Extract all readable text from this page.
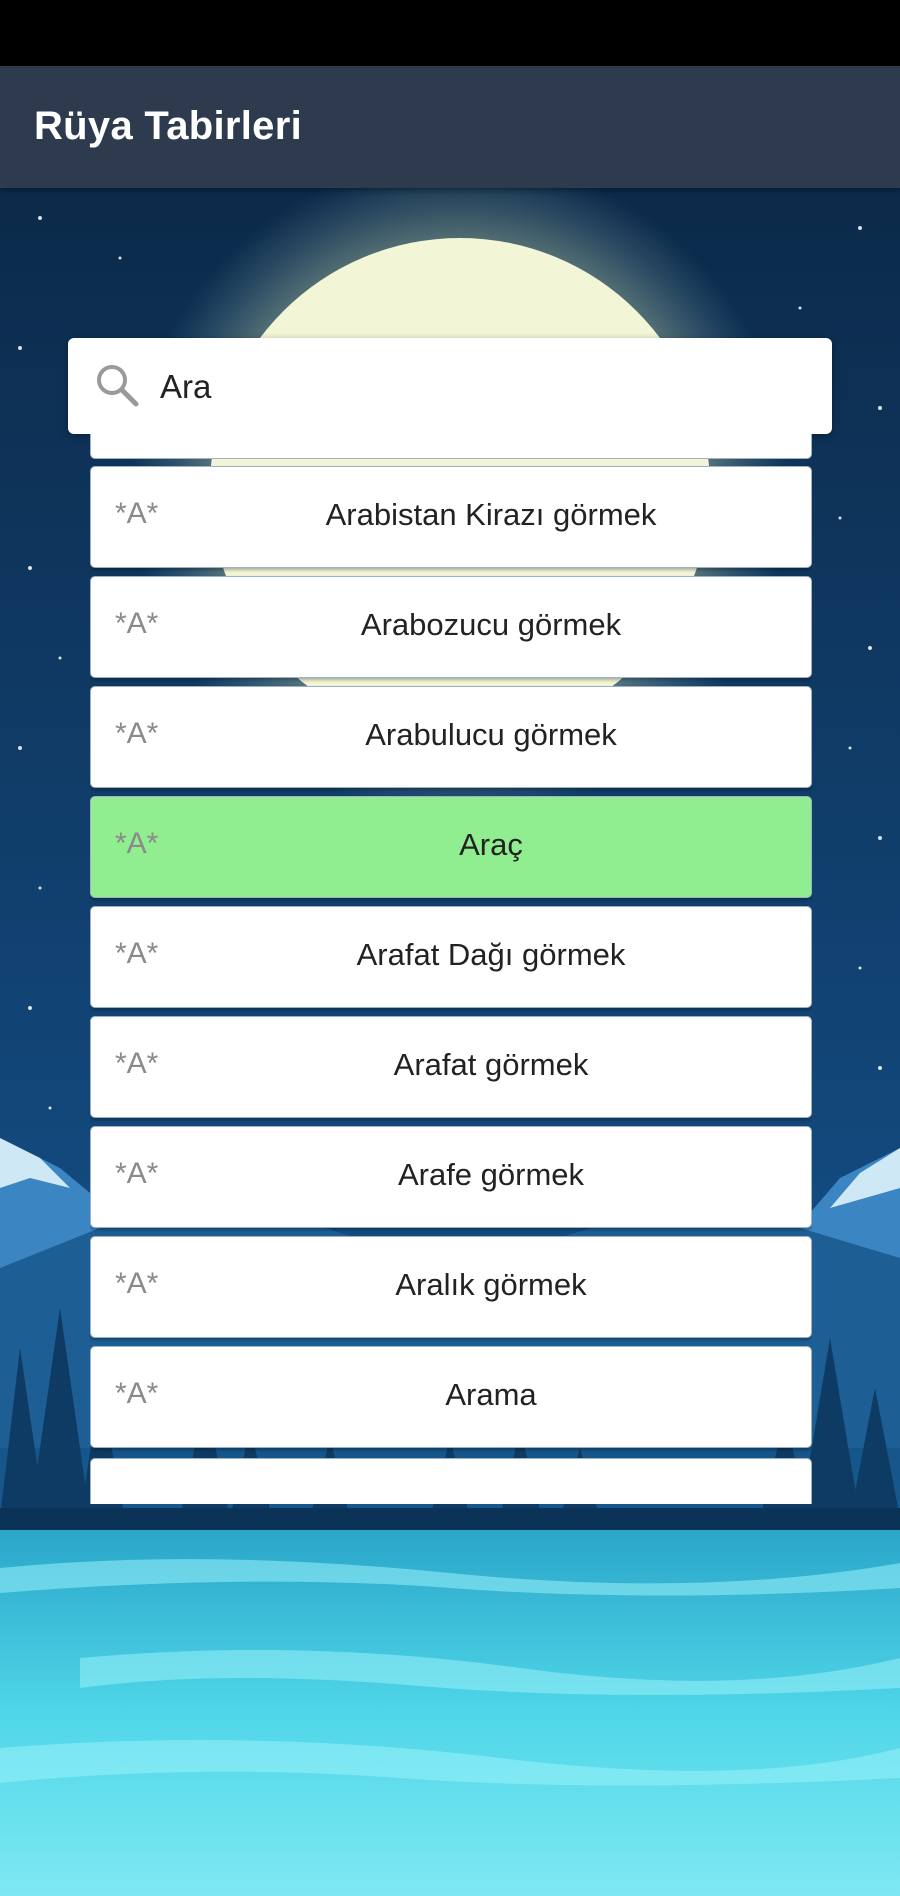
Rüya Tabirleri
Ara
*A*	Arabistan Kirazı görmek
*A*	Arabozucu görmek
*A*	Arabulucu görmek
*A*	Araç
*A*	Arafat Dağı görmek
*A*	Arafat görmek
*A*	Arafe görmek
*A*	Aralık görmek
*A*	Arama
